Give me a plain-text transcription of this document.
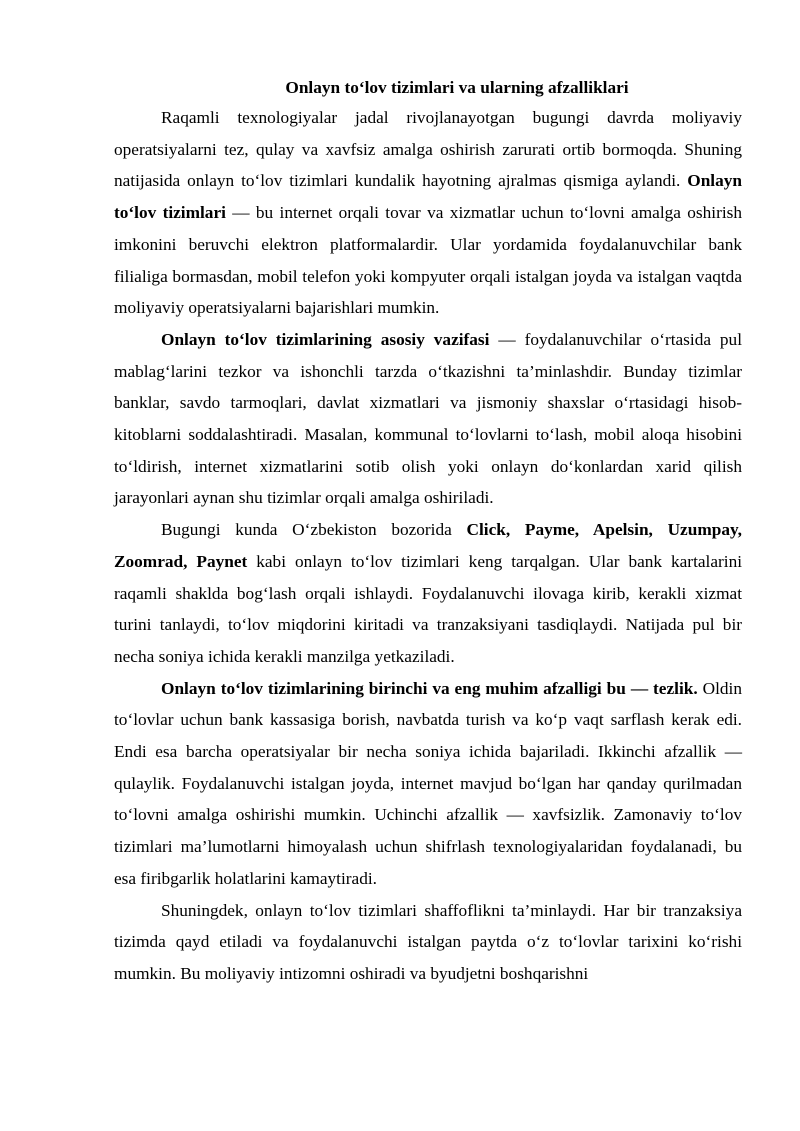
Onlayn to‘lov tizimlari va ularning afzalliklari

Raqamli texnologiyalar jadal rivojlanayotgan bugungi davrda moliyaviy operatsiyalarni tez, qulay va xavfsiz amalga oshirish zarurati ortib bormoqda. Shuning natijasida onlayn to‘lov tizimlari kundalik hayotning ajralmas qismiga aylandi. Onlayn to‘lov tizimlari — bu internet orqali tovar va xizmatlar uchun to‘lovni amalga oshirish imkonini beruvchi elektron platformalardir. Ular yordamida foydalanuvchilar bank filialiga bormasdan, mobil telefon yoki kompyuter orqali istalgan joyda va istalgan vaqtda moliyaviy operatsiyalarni bajarishlari mumkin.

Onlayn to‘lov tizimlarining asosiy vazifasi — foydalanuvchilar o‘rtasida pul mablag‘larini tezkor va ishonchli tarzda o‘tkazishni ta’minlashdir. Bunday tizimlar banklar, savdo tarmoqlari, davlat xizmatlari va jismoniy shaxslar o‘rtasidagi hisob-kitoblarni soddalashtiradi. Masalan, kommunal to‘lovlarni to‘lash, mobil aloqa hisobini to‘ldirish, internet xizmatlarini sotib olish yoki onlayn do‘konlardan xarid qilish jarayonlari aynan shu tizimlar orqali amalga oshiriladi.

Bugungi kunda O‘zbekiston bozorida Click, Payme, Apelsin, Uzumpay, Zoomrad, Paynet kabi onlayn to‘lov tizimlari keng tarqalgan. Ular bank kartalarini raqamli shaklda bog‘lash orqali ishlaydi. Foydalanuvchi ilovaga kirib, kerakli xizmat turini tanlaydi, to‘lov miqdorini kiritadi va tranzaksiyani tasdiqlaydi. Natijada pul bir necha soniya ichida kerakli manzilga yetkaziladi.

Onlayn to‘lov tizimlarining birinchi va eng muhim afzalligi bu — tezlik. Oldin to‘lovlar uchun bank kassasiga borish, navbatda turish va ko‘p vaqt sarflash kerak edi. Endi esa barcha operatsiyalar bir necha soniya ichida bajariladi. Ikkinchi afzallik — qulaylik. Foydalanuvchi istalgan joyda, internet mavjud bo‘lgan har qanday qurilmadan to‘lovni amalga oshirishi mumkin. Uchinchi afzallik — xavfsizlik. Zamonaviy to‘lov tizimlari ma’lumotlarni himoyalash uchun shifrlash texnologiyalaridan foydalanadi, bu esa firibgarlik holatlarini kamaytiradi.

Shuningdek, onlayn to‘lov tizimlari shaffoflikni ta’minlaydi. Har bir tranzaksiya tizimda qayd etiladi va foydalanuvchi istalgan paytda o‘z to‘lovlar tarixini ko‘rishi mumkin. Bu moliyaviy intizomni oshiradi va byudjetni boshqarishni
